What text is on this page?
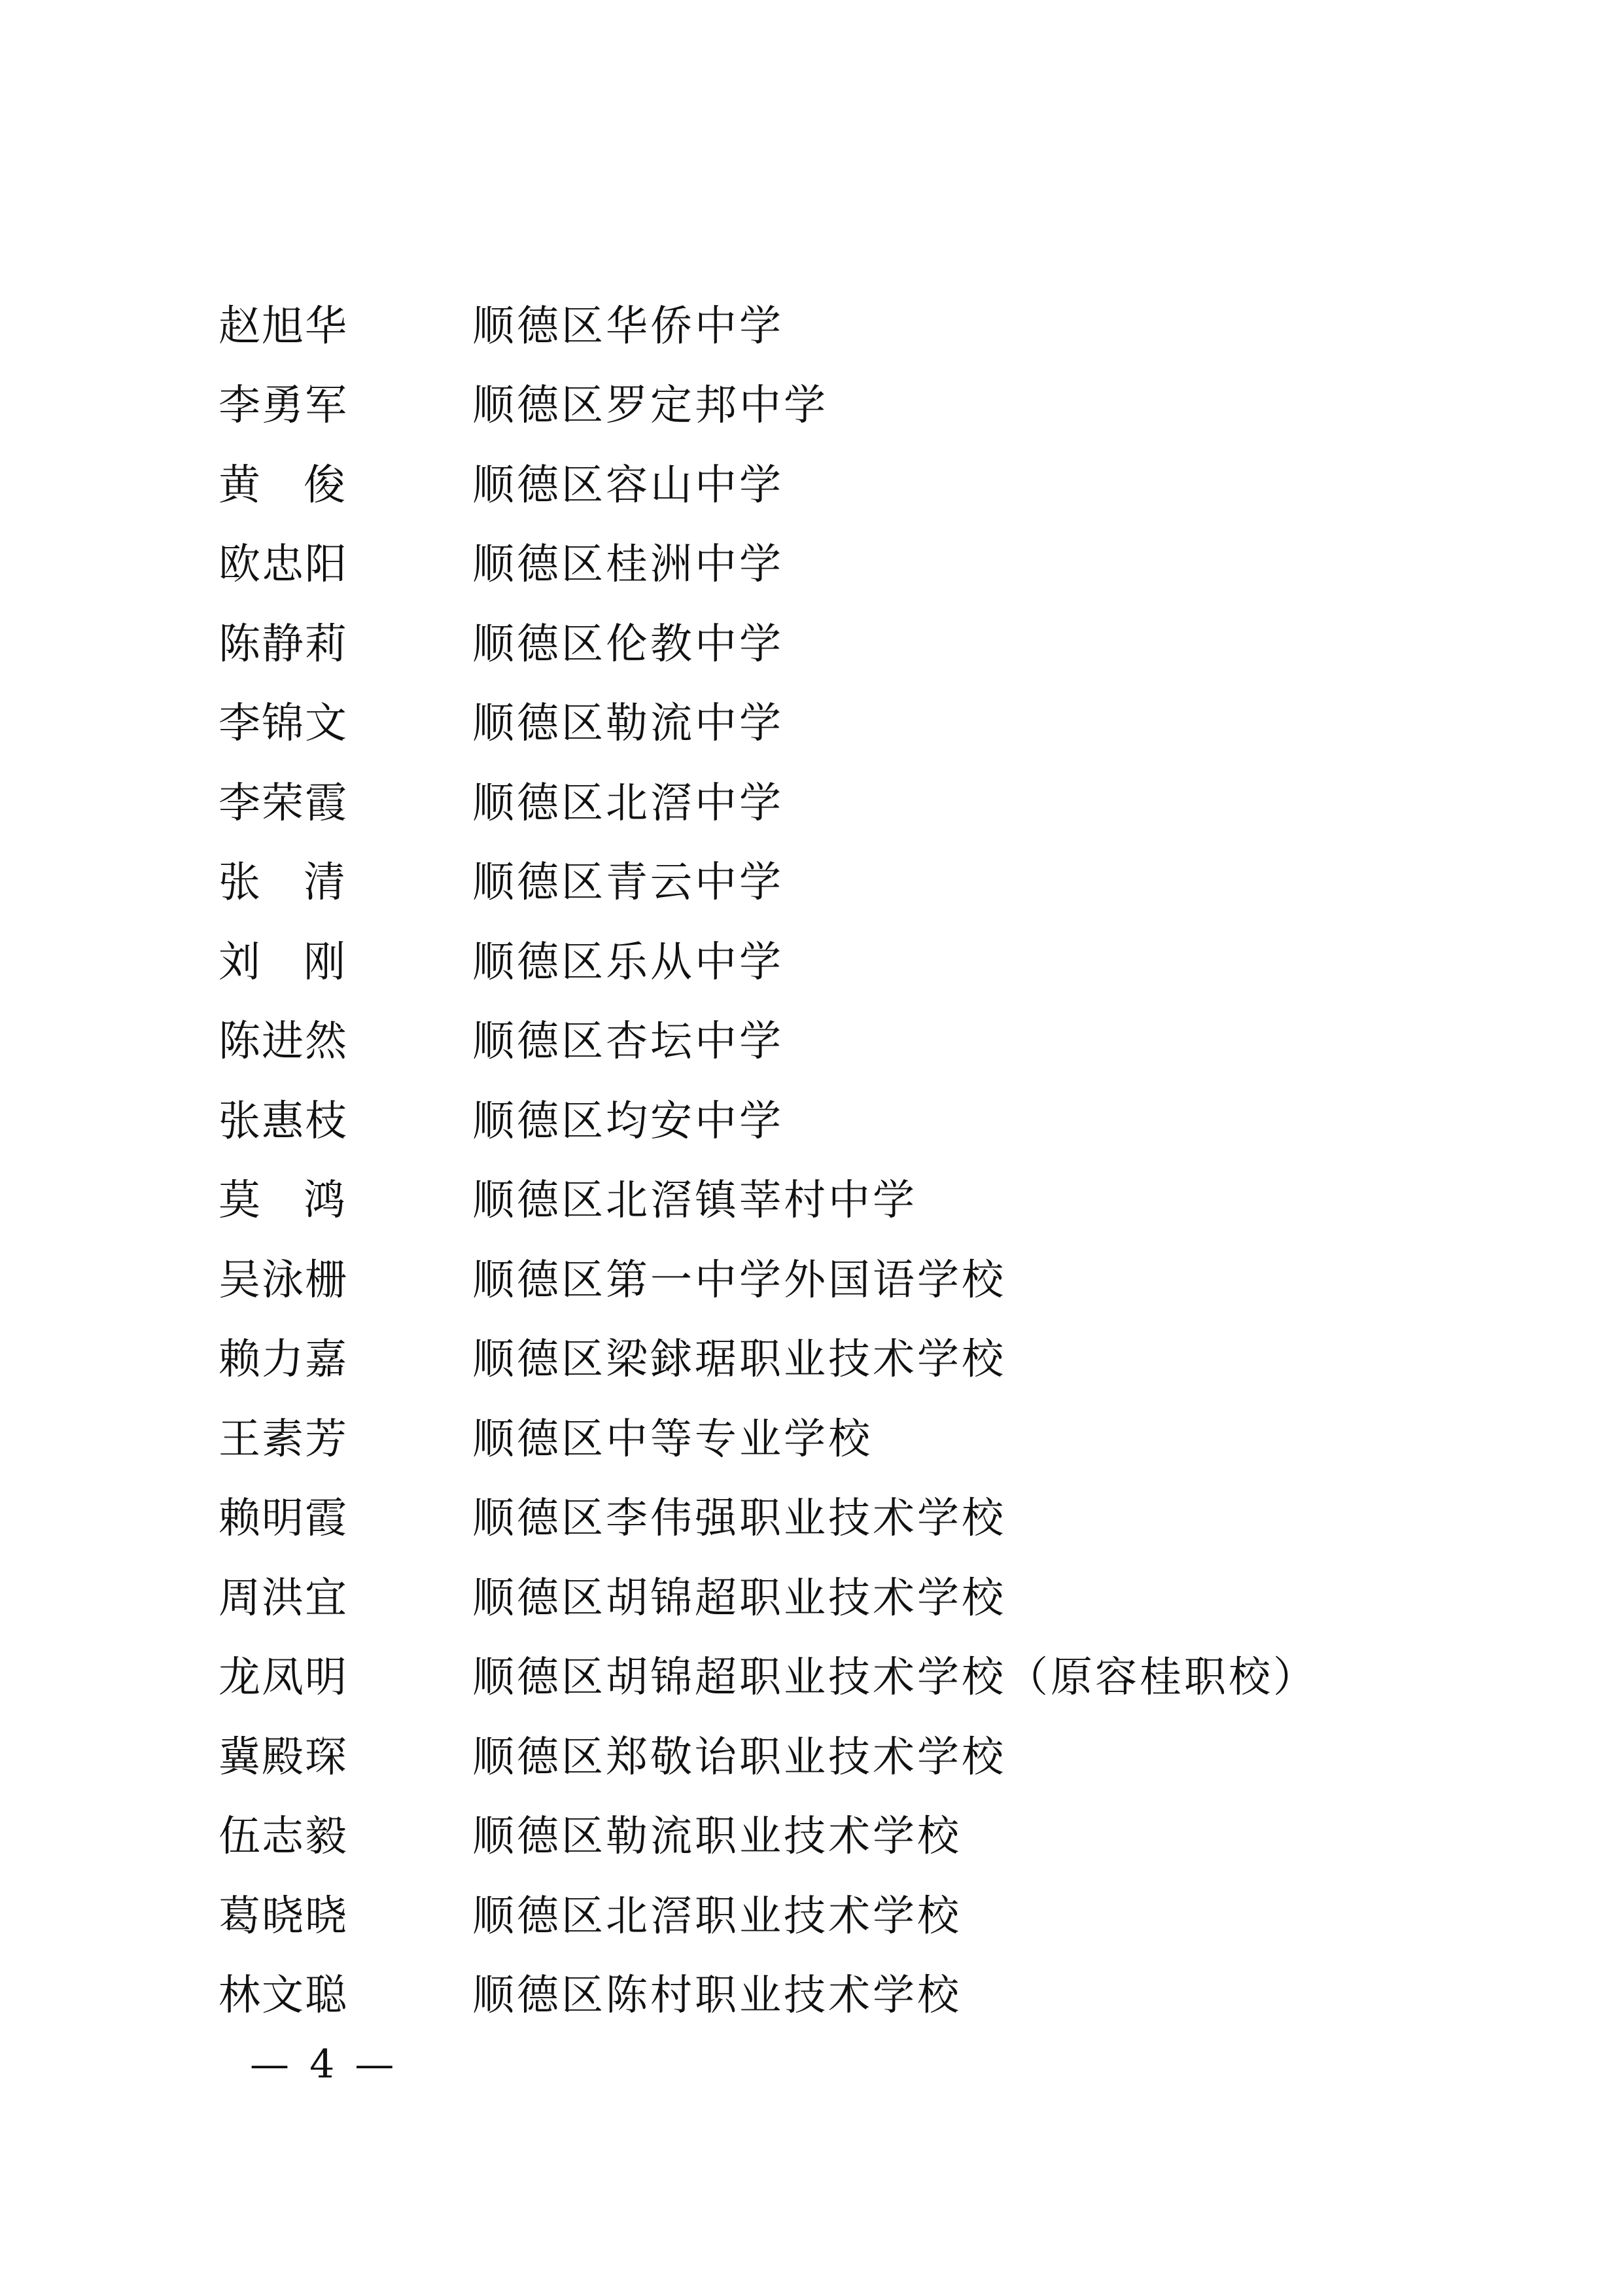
赵旭华	顺德区华侨中学
李勇军	顺德区罗定邦中学
黄　俊	顺德区容山中学
欧忠阳	顺德区桂洲中学
陈静莉	顺德区伦教中学
李锦文	顺德区勒流中学
李荣霞	顺德区北滘中学
张　清	顺德区青云中学
刘　刚	顺德区乐从中学
陈进然	顺德区杏坛中学
张惠枝	顺德区均安中学
莫　鸿	顺德区北滘镇莘村中学
吴泳栅	顺德区第一中学外国语学校
赖力嘉	顺德区梁銶琚职业技术学校
王素芳	顺德区中等专业学校
赖明霞	顺德区李伟强职业技术学校
周洪宜	顺德区胡锦超职业技术学校
龙凤明	顺德区胡锦超职业技术学校（原容桂职校）
冀殿琛	顺德区郑敬诒职业技术学校
伍志毅	顺德区勒流职业技术学校
葛晓晓	顺德区北滘职业技术学校
林文聪	顺德区陈村职业技术学校
— 4 —
